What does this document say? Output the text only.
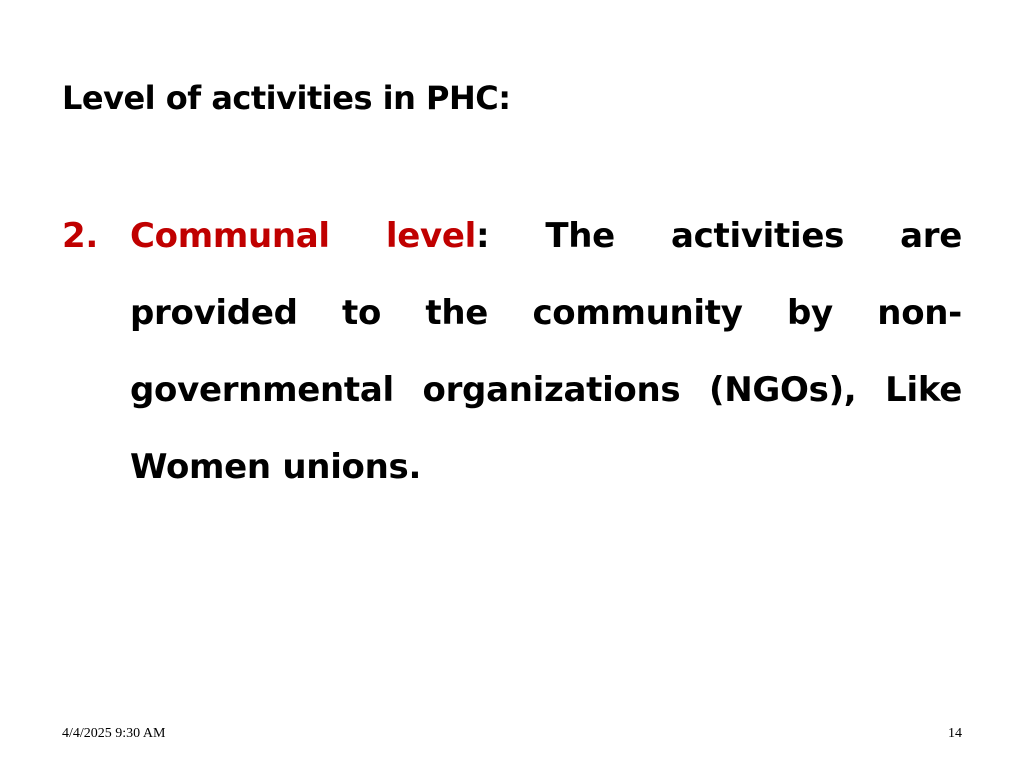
Level of activities in PHC:
2. Communal level: The activities are provided to the community by non-governmental organizations (NGOs), Like Women unions.
4/4/2025 9:30 AM	14
